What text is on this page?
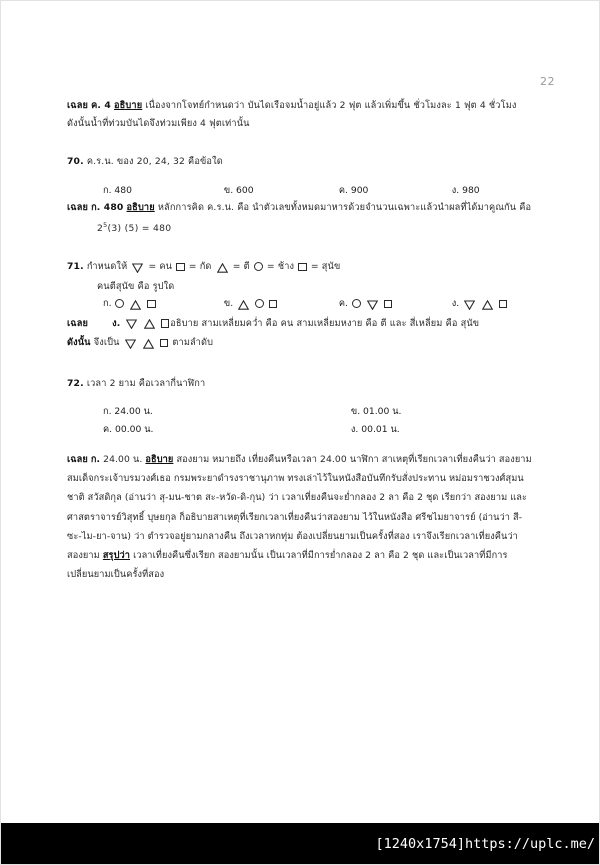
22
เฉลย ค. 4 อธิบาย เนื่องจากโจทย์กำหนดว่า บันไดเรือจมน้ำอยู่แล้ว 2 ฟุต แล้วเพิ่มขึ้น ชั่วโมงละ 1 ฟุต 4 ชั่วโมง
ดังนั้นน้ำที่ท่วมบันไดจึงท่วมเพียง 4 ฟุตเท่านั้น
70. ค.ร.น. ของ 20, 24, 32 คือข้อใด
ก. 480	ข. 600	ค. 900	ง. 980
เฉลย ก. 480 อธิบาย หลักการคิด ค.ร.น. คือ นำตัวเลขทั้งหมดมาหารด้วยจำนวนเฉพาะแล้วนำผลที่ได้มาคูณกัน คือ
$2^5(3) (5) = 480$
71. กำหนดให้ = คน = กัด = ตี = ช้าง = สุนัข
คนตีสุนัข คือ รูปใด
ก.	ข.	ค.	ง.
เฉลย	ง.	อธิบาย สามเหลี่ยมคว่ำ คือ คน สามเหลี่ยมหงาย คือ ตี และ สี่เหลี่ยม คือ สุนัข
ดังนั้น จึงเป็น	ตามลำดับ
72. เวลา 2 ยาม คือเวลากี่นาฬิกา
ก. 24.00 น.	ข. 01.00 น.
ค. 00.00 น.	ง. 00.01 น.
เฉลย ก. 24.00 น. อธิบาย สองยาม หมายถึง เที่ยงคืนหรือเวลา 24.00 นาฬิกา สาเหตุที่เรียกเวลาเที่ยงคืนว่า สองยาม
สมเด็จกระเจ้าบรมวงศ์เธอ กรมพระยาดำรงราชานุภาพ ทรงเล่าไว้ในหนังสือบันทึกรับสั่งประทาน หม่อมราชวงศ์สุมน
ชาติ สวัสดิกุล (อ่านว่า สุ-มน-ชาต สะ-หวัด-ดิ-กุน) ว่า เวลาเที่ยงคืนจะย่ำกลอง 2 ลา คือ 2 ชุด เรียกว่า สองยาม และ
ศาสตราจารย์วิสุทธิ์ บุษยกุล ก็อธิบายสาเหตุที่เรียกเวลาเที่ยงคืนว่าสองยาม ไว้ในหนังสือ ศรีชไมยาจารย์ (อ่านว่า สี-
ซะ-ไม-ยา-จาน) ว่า ตำรวจอยู่ยามกลางคืน ถึงเวลาหกทุ่ม ต้องเปลี่ยนยามเป็นครั้งที่สอง เราจึงเรียกเวลาเที่ยงคืนว่า
สองยาม สรุปว่า เวลาเที่ยงคืนซึ่งเรียก สองยามนั้น เป็นเวลาที่มีการย่ำกลอง 2 ลา คือ 2 ชุด และเป็นเวลาที่มีการ
เปลี่ยนยามเป็นครั้งที่สอง
[1240x1754]https://uplc.me/
